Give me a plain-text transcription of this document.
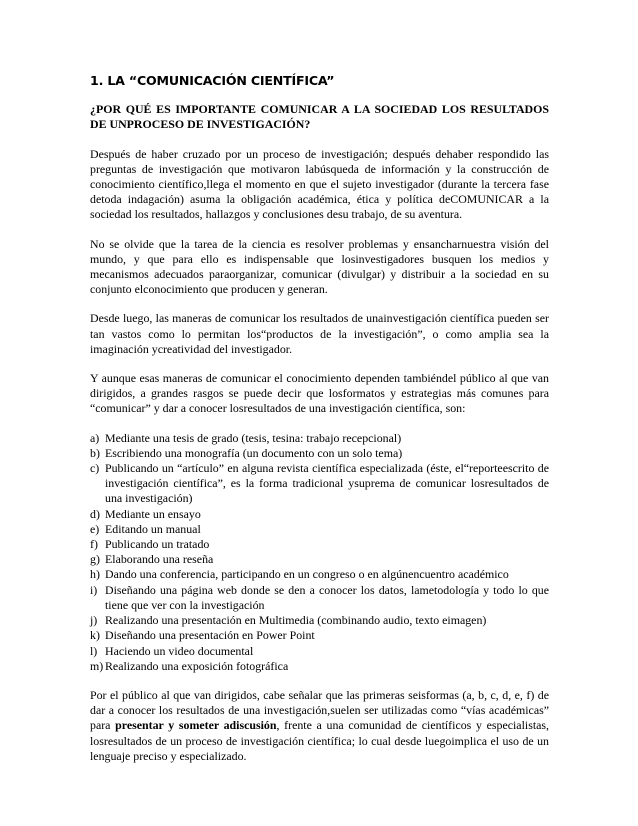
1. LA “COMUNICACIÓN CIENTÍFICA”
¿POR QUÉ ES IMPORTANTE COMUNICAR A LA SOCIEDAD LOS RESULTADOS DE UNPROCESO DE INVESTIGACIÓN?

Después de haber cruzado por un proceso de investigación; después dehaber respondido las preguntas de investigación que motivaron labúsqueda de información y la construcción de conocimiento científico,llega el momento en que el sujeto investigador (durante la tercera fase detoda indagación) asuma la obligación académica, ética y política deCOMUNICAR a la sociedad los resultados, hallazgos y conclusiones desu trabajo, de su aventura.

No se olvide que la tarea de la ciencia es resolver problemas y ensancharnuestra visión del mundo, y que para ello es indispensable que losinvestigadores busquen los medios y mecanismos adecuados paraorganizar, comunicar (divulgar) y distribuir a la sociedad en su conjunto elconocimiento que producen y generan.

Desde luego, las maneras de comunicar los resultados de unainvestigación científica pueden ser tan vastos como lo permitan los“productos de la investigación”, o como amplia sea la imaginación ycreatividad del investigador.

Y aunque esas maneras de comunicar el conocimiento dependen tambiéndel público al que van dirigidos, a grandes rasgos se puede decir que losformatos y estrategias más comunes para “comunicar” y dar a conocer losresultados de una investigación científica, son:

a) Mediante una tesis de grado (tesis, tesina: trabajo recepcional)
b) Escribiendo una monografía (un documento con un solo tema)
c) Publicando un “artículo” en alguna revista científica especializada (éste, el“reporteescrito de investigación científica”, es la forma tradicional ysuprema de comunicar losresultados de una investigación)
d) Mediante un ensayo
e) Editando un manual
f) Publicando un tratado
g) Elaborando una reseña
h) Dando una conferencia, participando en un congreso o en algúnencuentro académico
i) Diseñando una página web donde se den a conocer los datos, lametodología y todo lo que tiene que ver con la investigación
j) Realizando una presentación en Multimedia (combinando audio, texto eimagen)
k) Diseñando una presentación en Power Point
l) Haciendo un video documental
m) Realizando una exposición fotográfica

Por el público al que van dirigidos, cabe señalar que las primeras seisformas (a, b, c, d, e, f) de dar a conocer los resultados de una investigación,suelen ser utilizadas como “vías académicas” para presentar y someter adiscusión, frente a una comunidad de científicos y especialistas, losresultados de un proceso de investigación científica; lo cual desde luegoimplica el uso de un lenguaje preciso y especializado.
